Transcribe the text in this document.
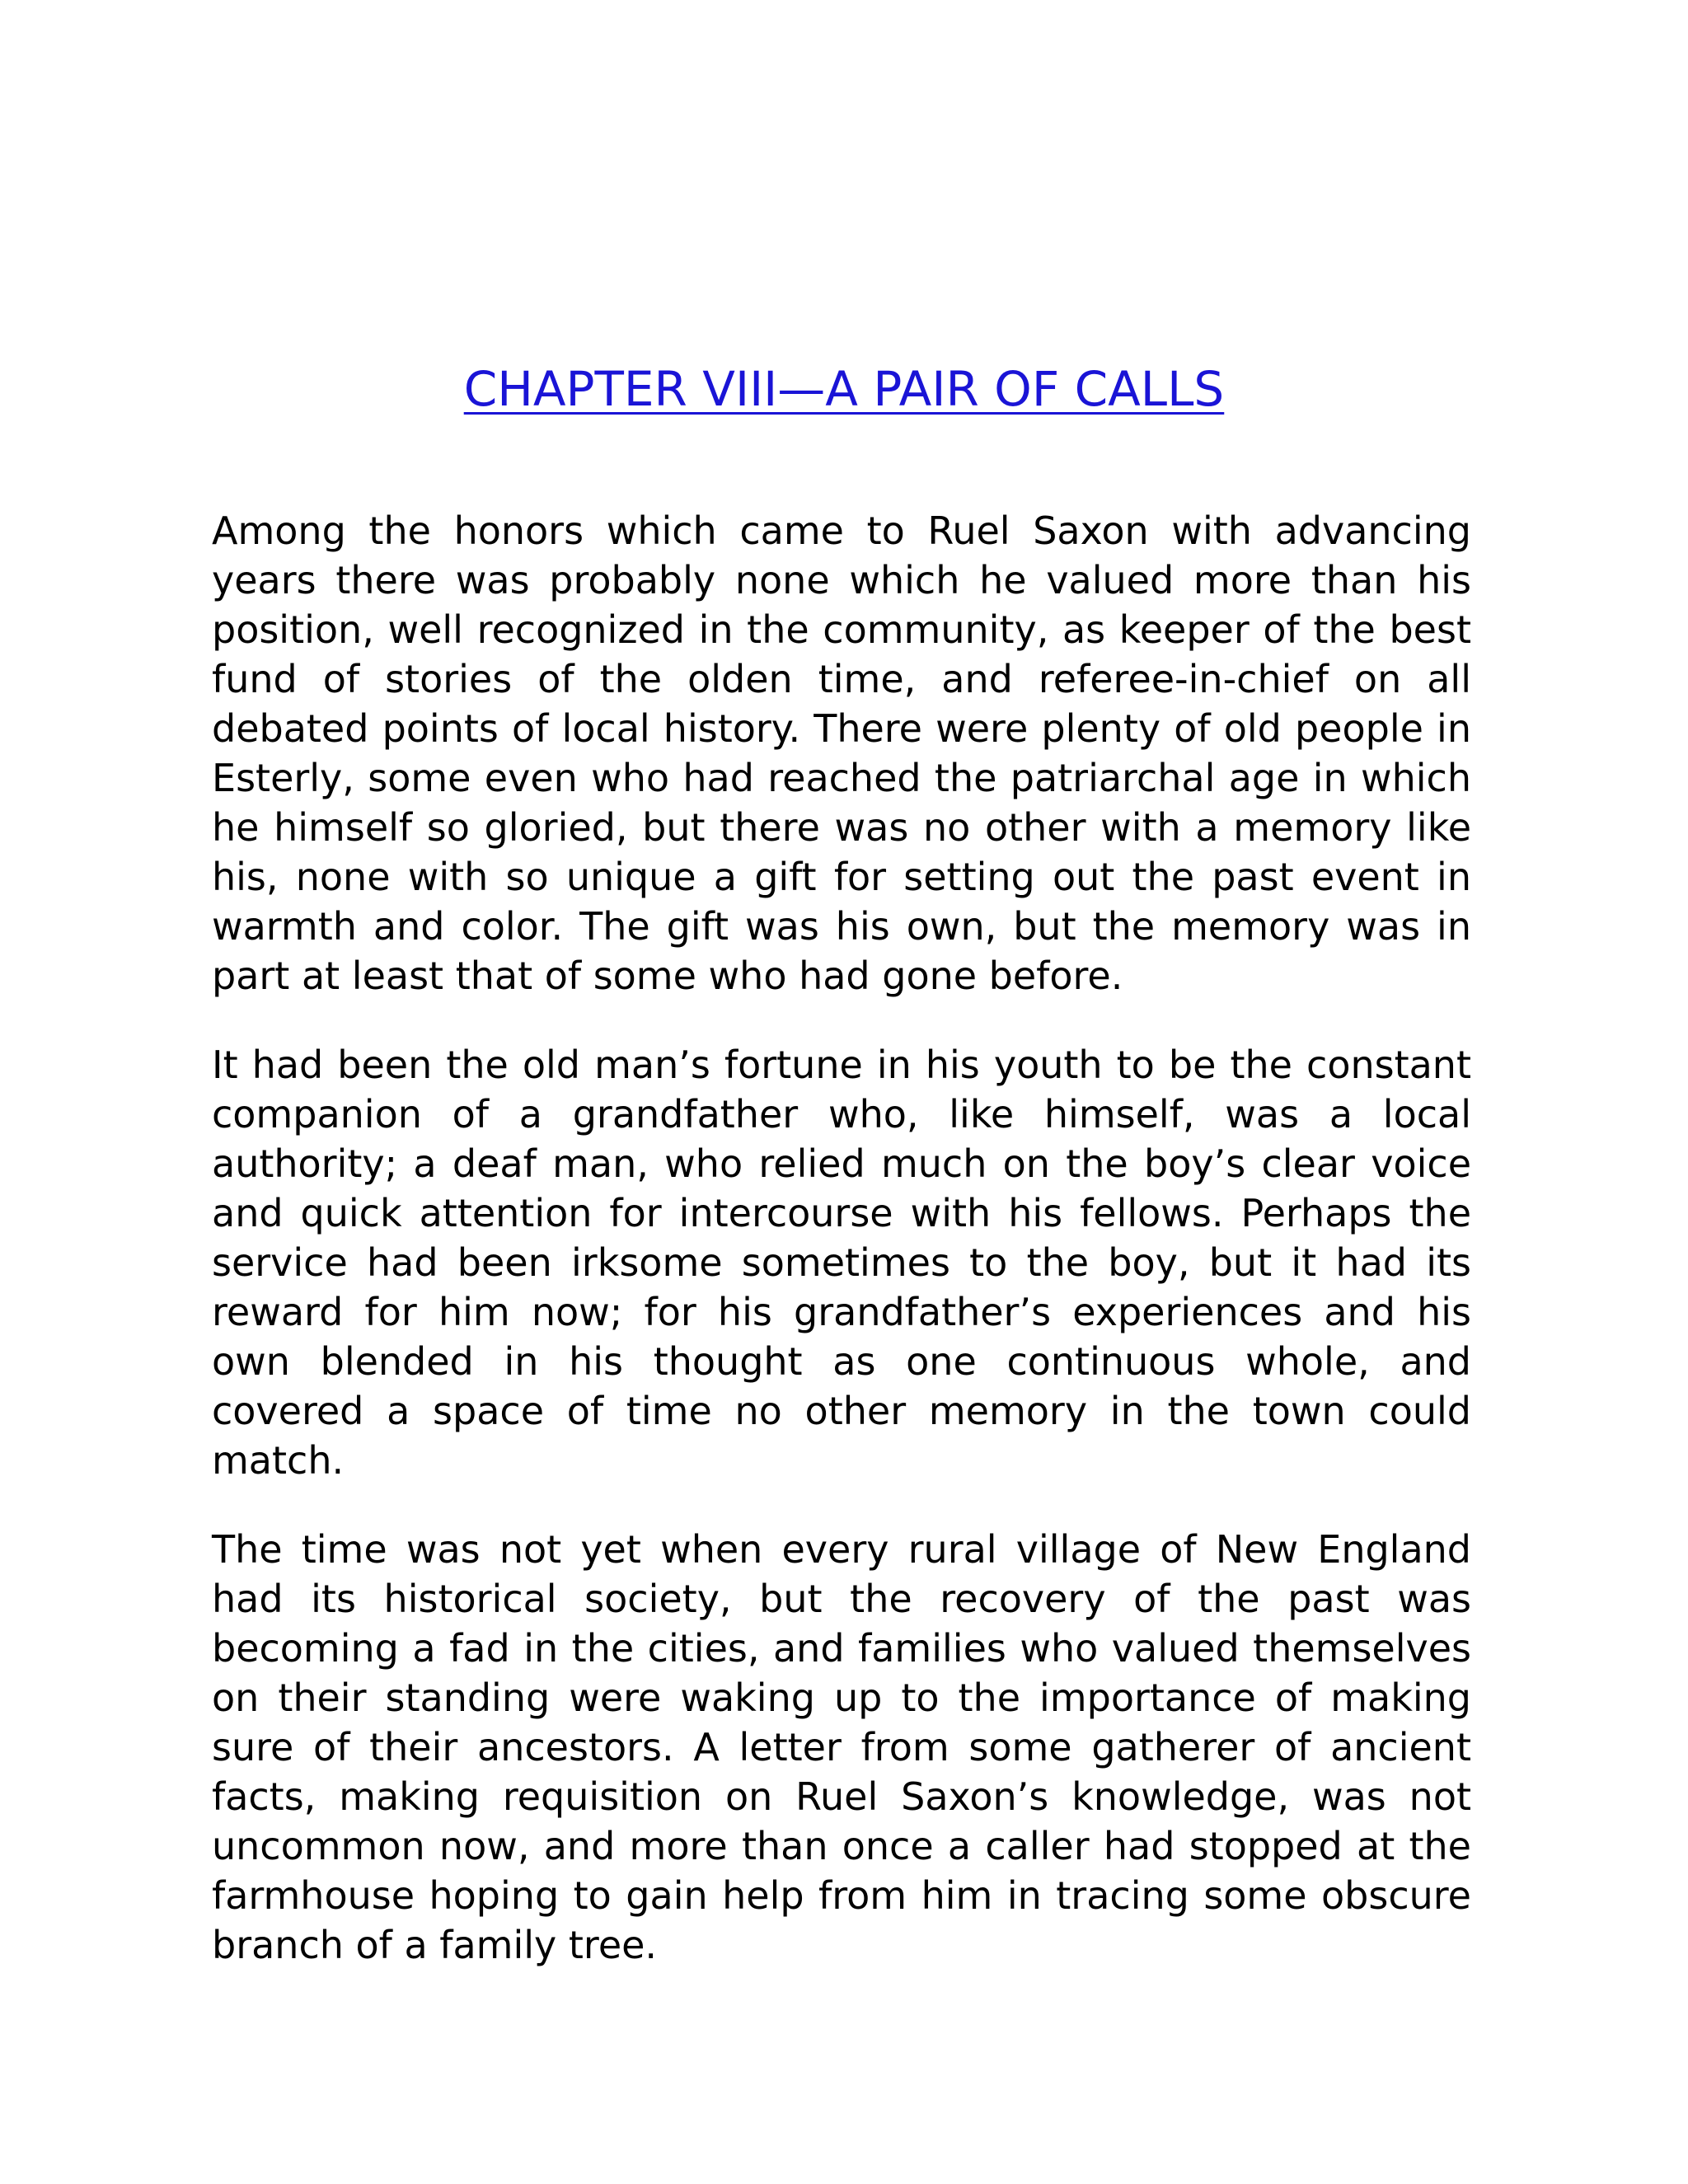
CHAPTER VIII—A PAIR OF CALLS

Among the honors which came to Ruel Saxon with advancing years there was probably none which he valued more than his position, well recognized in the community, as keeper of the best fund of stories of the olden time, and referee-in-chief on all debated points of local history. There were plenty of old people in Esterly, some even who had reached the patriarchal age in which he himself so gloried, but there was no other with a memory like his, none with so unique a gift for setting out the past event in warmth and color. The gift was his own, but the memory was in part at least that of some who had gone before.

It had been the old man’s fortune in his youth to be the constant companion of a grandfather who, like himself, was a local authority; a deaf man, who relied much on the boy’s clear voice and quick attention for intercourse with his fellows. Perhaps the service had been irksome sometimes to the boy, but it had its reward for him now; for his grandfather’s experiences and his own blended in his thought as one continuous whole, and covered a space of time no other memory in the town could match.

The time was not yet when every rural village of New England had its historical society, but the recovery of the past was becoming a fad in the cities, and families who valued themselves on their standing were waking up to the importance of making sure of their ancestors. A letter from some gatherer of ancient facts, making requisition on Ruel Saxon’s knowledge, was not uncommon now, and more than once a caller had stopped at the farmhouse hoping to gain help from him in tracing some obscure branch of a family tree.
